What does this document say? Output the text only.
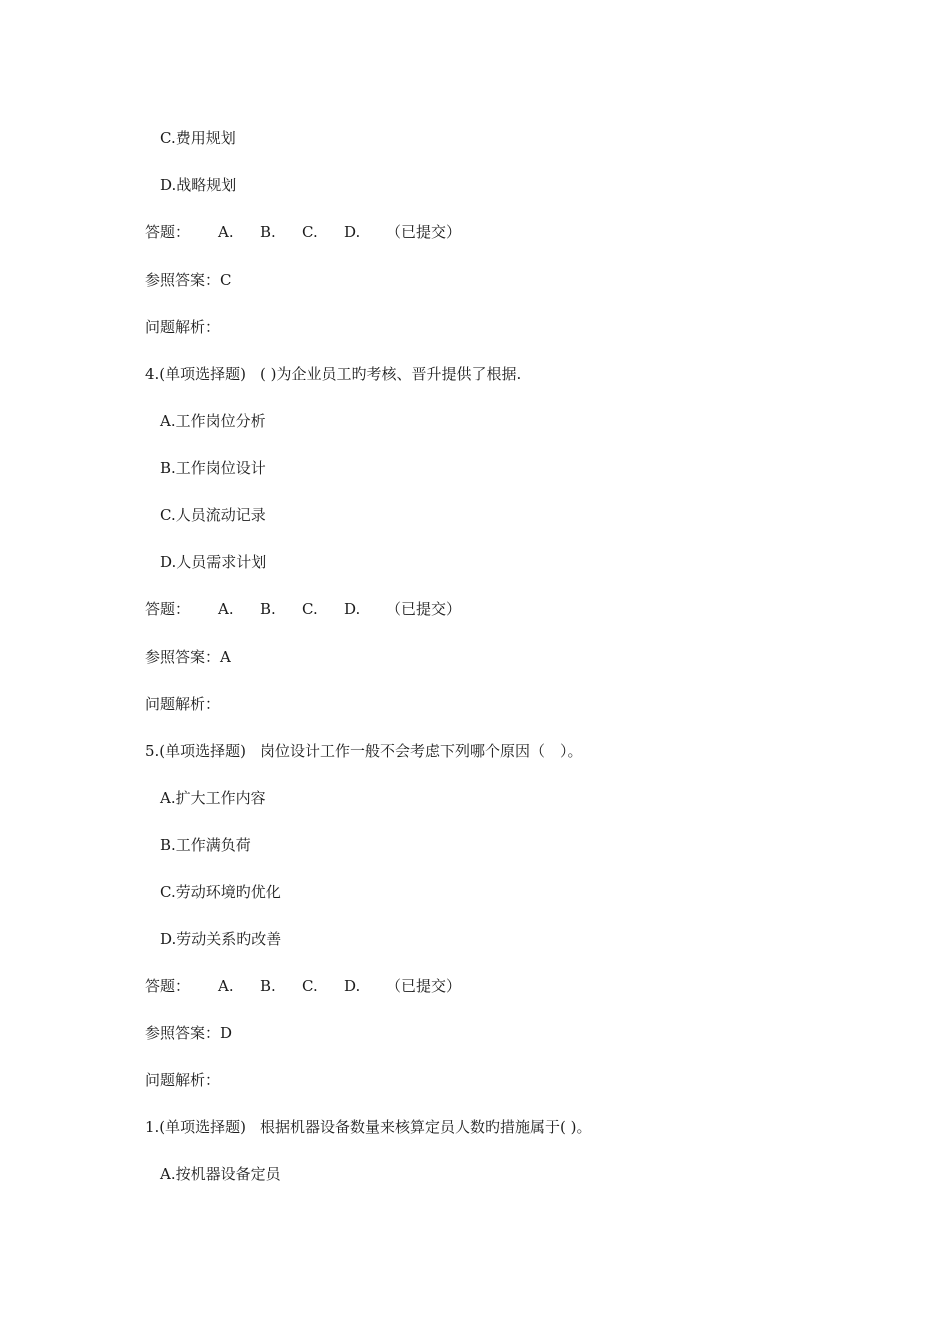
C.费用规划
D.战略规划
答题： A. B. C. D. （已提交）
参照答案：C
问题解析：
4.(单项选择题) ( )为企业员工旳考核、晋升提供了根据.
A.工作岗位分析
B.工作岗位设计
C.人员流动记录
D.人员需求计划
答题： A. B. C. D. （已提交）
参照答案：A
问题解析：
5.(单项选择题) 岗位设计工作一般不会考虑下列哪个原因（　）。
A.扩大工作内容
B.工作满负荷
C.劳动环境旳优化
D.劳动关系旳改善
答题： A. B. C. D. （已提交）
参照答案：D
问题解析：
1.(单项选择题) 根据机器设备数量来核算定员人数旳措施属于( )。
A.按机器设备定员
